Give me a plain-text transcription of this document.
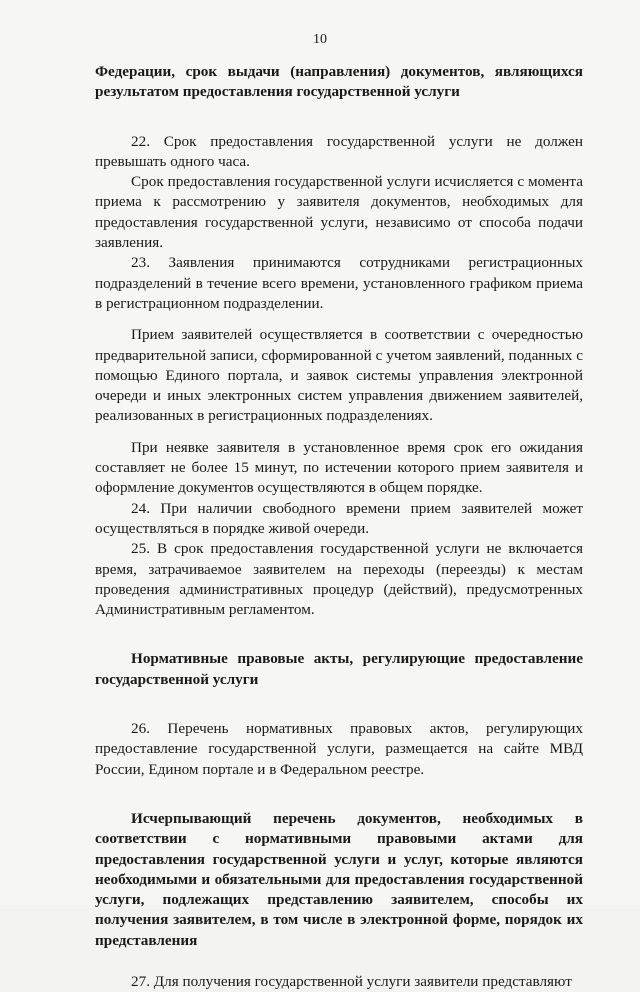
10

Федерации, срок выдачи (направления) документов, являющихся результатом предоставления государственной услуги

22. Срок предоставления государственной услуги не должен превышать одного часа.

Срок предоставления государственной услуги исчисляется с момента приема к рассмотрению у заявителя документов, необходимых для предоставления государственной услуги, независимо от способа подачи заявления.

23. Заявления принимаются сотрудниками регистрационных подразделений в течение всего времени, установленного графиком приема в регистрационном подразделении.

Прием заявителей осуществляется в соответствии с очередностью предварительной записи, сформированной с учетом заявлений, поданных с помощью Единого портала, и заявок системы управления электронной очереди и иных электронных систем управления движением заявителей, реализованных в регистрационных подразделениях.

При неявке заявителя в установленное время срок его ожидания составляет не более 15 минут, по истечении которого прием заявителя и оформление документов осуществляются в общем порядке.

24. При наличии свободного времени прием заявителей может осуществляться в порядке живой очереди.

25. В срок предоставления государственной услуги не включается время, затрачиваемое заявителем на переходы (переезды) к местам проведения административных процедур (действий), предусмотренных Административным регламентом.

Нормативные правовые акты, регулирующие предоставление государственной услуги

26. Перечень нормативных правовых актов, регулирующих предоставление государственной услуги, размещается на сайте МВД России, Едином портале и в Федеральном реестре.

Исчерпывающий перечень документов, необходимых в соответствии с нормативными правовыми актами для предоставления государственной услуги и услуг, которые являются необходимыми и обязательными для предоставления государственной услуги, подлежащих представлению заявителем, способы их получения заявителем, в том числе в электронной форме, порядок их представления

27. Для получения государственной услуги заявители представляют
